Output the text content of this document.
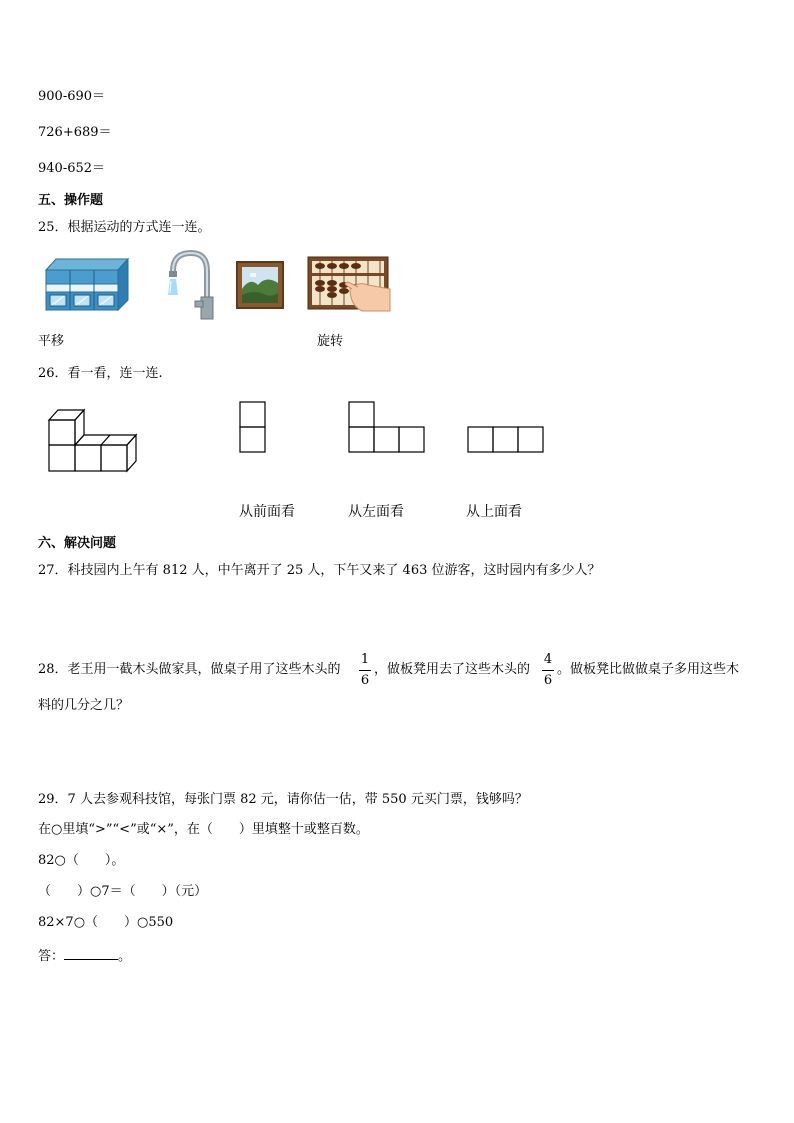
900-690＝
726+689＝
940-652＝
五、操作题
25．根据运动的方式连一连。
平移	旋转
26．看一看，连一连.
从前面看	从左面看	从上面看
六、解决问题
27．科技园内上午有 812 人，中午离开了 25 人，下午又来了 463 位游客，这时园内有多少人？
28．老王用一截木头做家具，做桌子用了这些木头的
1
6
，做板凳用去了这些木头的
4
6
。做板凳比做做桌子多用这些木
料的几分之几？
29．7 人去参观科技馆，每张门票 82 元，请你估一估，带 550 元买门票，钱够吗？
在○里填“>”“<”或“×”，在（　　）里填整十或整百数。
82○（　　）。
（　　）○7＝（　　）（元）
82×7○（　　）○550
答：	。
